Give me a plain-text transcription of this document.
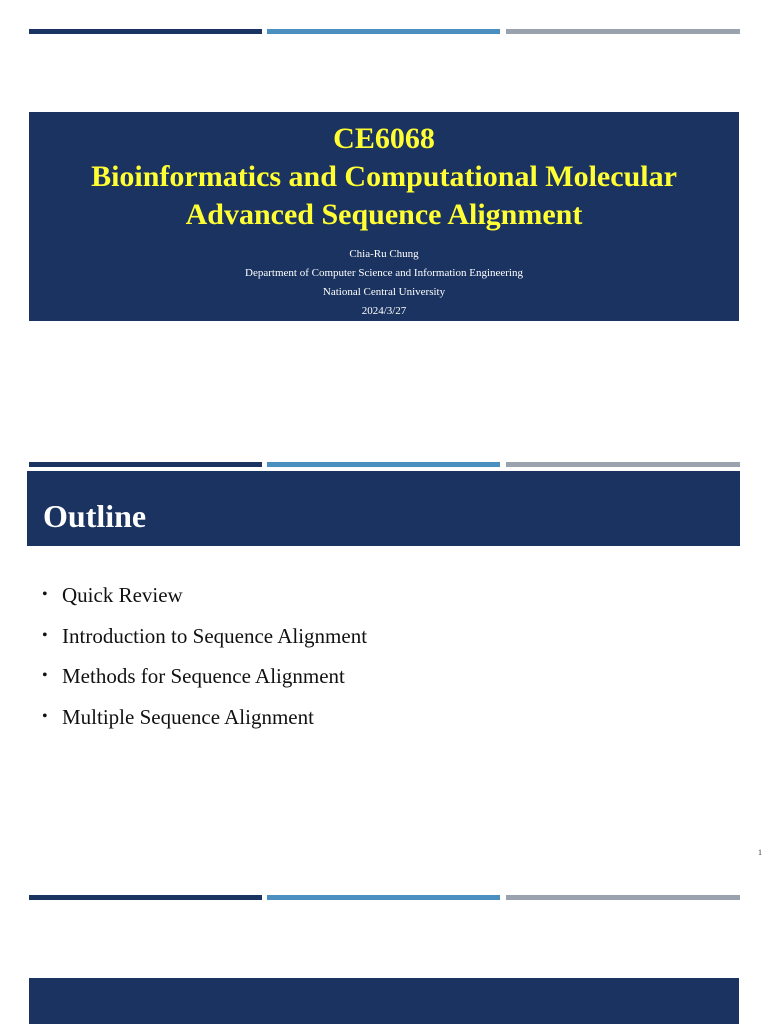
CE6068
Bioinformatics and Computational Molecular
Advanced Sequence Alignment
Chia-Ru Chung
Department of Computer Science and Information Engineering
National Central University
2024/3/27
Outline
• Quick Review
• Introduction to Sequence Alignment
• Methods for Sequence Alignment
• Multiple Sequence Alignment
1
